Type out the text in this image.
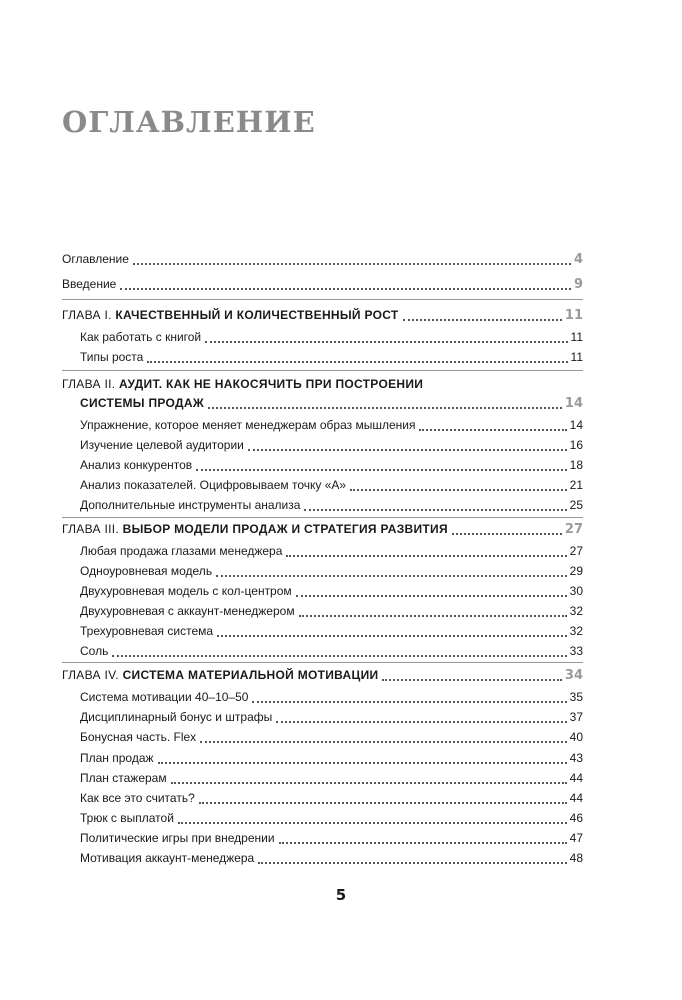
ОГЛАВЛЕНИЕ
Оглавление	4
Введение	9
ГЛАВА I. КАЧЕСТВЕННЫЙ И КОЛИЧЕСТВЕННЫЙ РОСТ	11
Как работать с книгой	11
Типы роста	11
ГЛАВА II. АУДИТ. КАК НЕ НАКОСЯЧИТЬ ПРИ ПОСТРОЕНИИ
СИСТЕМЫ ПРОДАЖ	14
Упражнение, которое меняет менеджерам образ мышления	14
Изучение целевой аудитории	16
Анализ конкурентов	18
Анализ показателей. Оцифровываем точку «А»	21
Дополнительные инструменты анализа	25
ГЛАВА III. ВЫБОР МОДЕЛИ ПРОДАЖ И СТРАТЕГИЯ РАЗВИТИЯ	27
Любая продажа глазами менеджера	27
Одноуровневая модель	29
Двухуровневая модель с кол-центром	30
Двухуровневая с аккаунт-менеджером	32
Трехуровневая система	32
Соль	33
ГЛАВА IV. СИСТЕМА МАТЕРИАЛЬНОЙ МОТИВАЦИИ	34
Система мотивации 40–10–50	35
Дисциплинарный бонус и штрафы	37
Бонусная часть. Flex	40
План продаж	43
План стажерам	44
Как все это считать?	44
Трюк с выплатой	46
Политические игры при внедрении	47
Мотивация аккаунт-менеджера	48
5
